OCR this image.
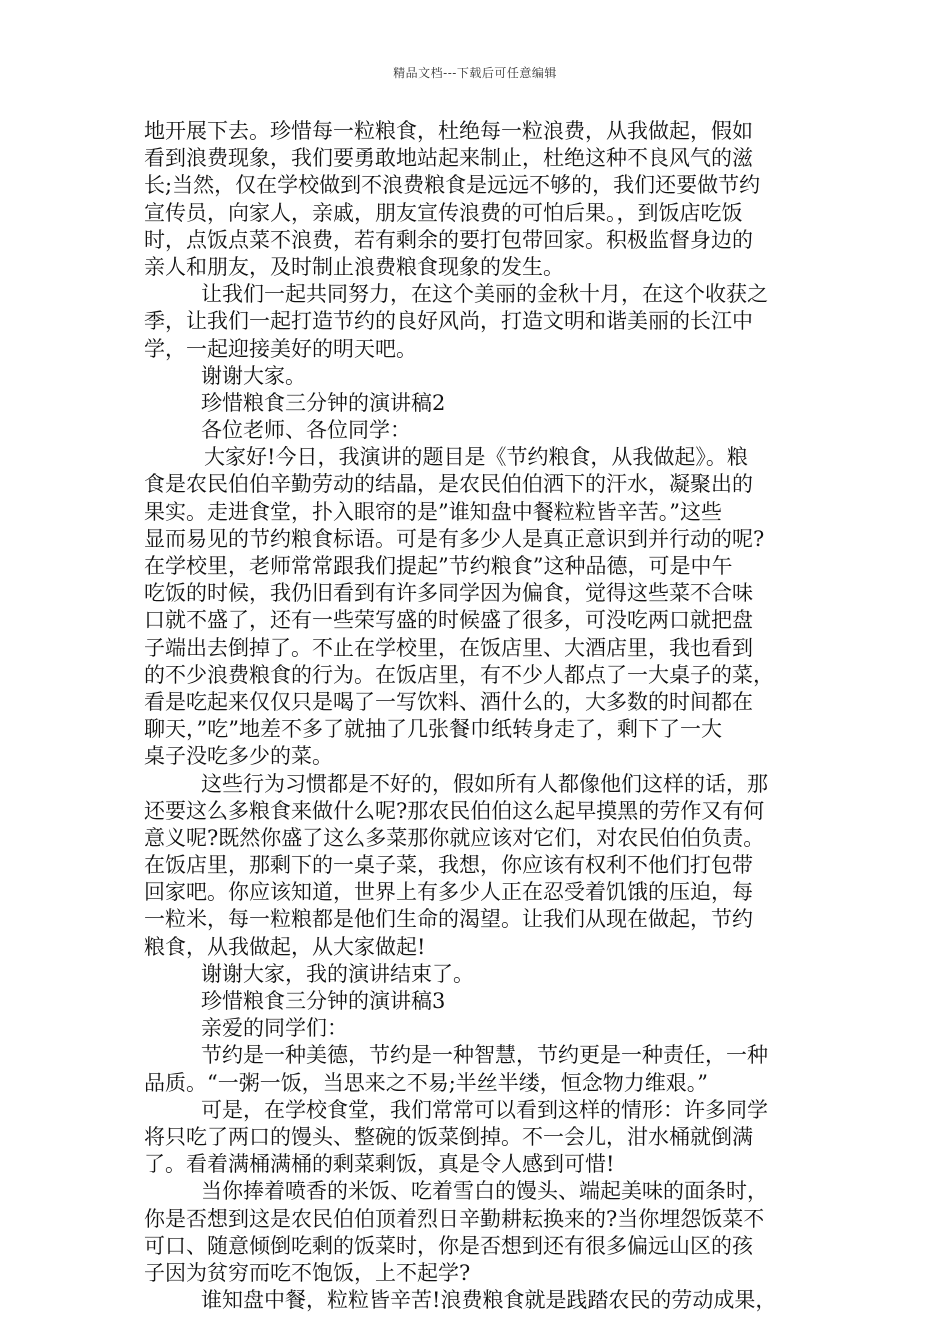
精品文档---下载后可任意编辑
地开展下去。珍惜每一粒粮食，杜绝每一粒浪费，从我做起，假如
看到浪费现象，我们要勇敢地站起来制止，杜绝这种不良风气的滋
长;当然，仅在学校做到不浪费粮食是远远不够的，我们还要做节约
宣传员，向家人，亲戚，朋友宣传浪费的可怕后果。，到饭店吃饭
时，点饭点菜不浪费，若有剩余的要打包带回家。积极监督身边的
亲人和朋友，及时制止浪费粮食现象的发生。
让我们一起共同努力，在这个美丽的金秋十月，在这个收获之
季，让我们一起打造节约的良好风尚，打造文明和谐美丽的长江中
学，一起迎接美好的明天吧。
谢谢大家。
珍惜粮食三分钟的演讲稿2
各位老师、各位同学：
大家好!今日，我演讲的题目是《节约粮食，从我做起》。粮
食是农民伯伯辛勤劳动的结晶，是农民伯伯洒下的汗水，凝聚出的
果实。走进食堂，扑入眼帘的是”谁知盘中餐粒粒皆辛苦。”这些
显而易见的节约粮食标语。可是有多少人是真正意识到并行动的呢?
在学校里，老师常常跟我们提起”节约粮食”这种品德，可是中午
吃饭的时候，我仍旧看到有许多同学因为偏食，觉得这些菜不合味
口就不盛了，还有一些荣写盛的时候盛了很多，可没吃两口就把盘
子端出去倒掉了。不止在学校里，在饭店里、大酒店里，我也看到
的不少浪费粮食的行为。在饭店里，有不少人都点了一大桌子的菜，
看是吃起来仅仅只是喝了一写饮料、酒什么的，大多数的时间都在
聊天，”吃”地差不多了就抽了几张餐巾纸转身走了，剩下了一大
桌子没吃多少的菜。
这些行为习惯都是不好的，假如所有人都像他们这样的话，那
还要这么多粮食来做什么呢?那农民伯伯这么起早摸黑的劳作又有何
意义呢?既然你盛了这么多菜那你就应该对它们，对农民伯伯负责。
在饭店里，那剩下的一桌子菜，我想，你应该有权利不他们打包带
回家吧。你应该知道，世界上有多少人正在忍受着饥饿的压迫，每
一粒米，每一粒粮都是他们生命的渴望。让我们从现在做起，节约
粮食，从我做起，从大家做起!
谢谢大家，我的演讲结束了。
珍惜粮食三分钟的演讲稿3
亲爱的同学们：
节约是一种美德，节约是一种智慧，节约更是一种责任，一种
品质。“一粥一饭，当思来之不易;半丝半缕，恒念物力维艰。”
可是，在学校食堂，我们常常可以看到这样的情形：许多同学
将只吃了两口的馒头、整碗的饭菜倒掉。不一会儿，泔水桶就倒满
了。看着满桶满桶的剩菜剩饭，真是令人感到可惜!
当你捧着喷香的米饭、吃着雪白的馒头、端起美味的面条时，
你是否想到这是农民伯伯顶着烈日辛勤耕耘换来的?当你埋怨饭菜不
可口、随意倾倒吃剩的饭菜时，你是否想到还有很多偏远山区的孩
子因为贫穷而吃不饱饭，上不起学?
谁知盘中餐，粒粒皆辛苦!浪费粮食就是践踏农民的劳动成果，
